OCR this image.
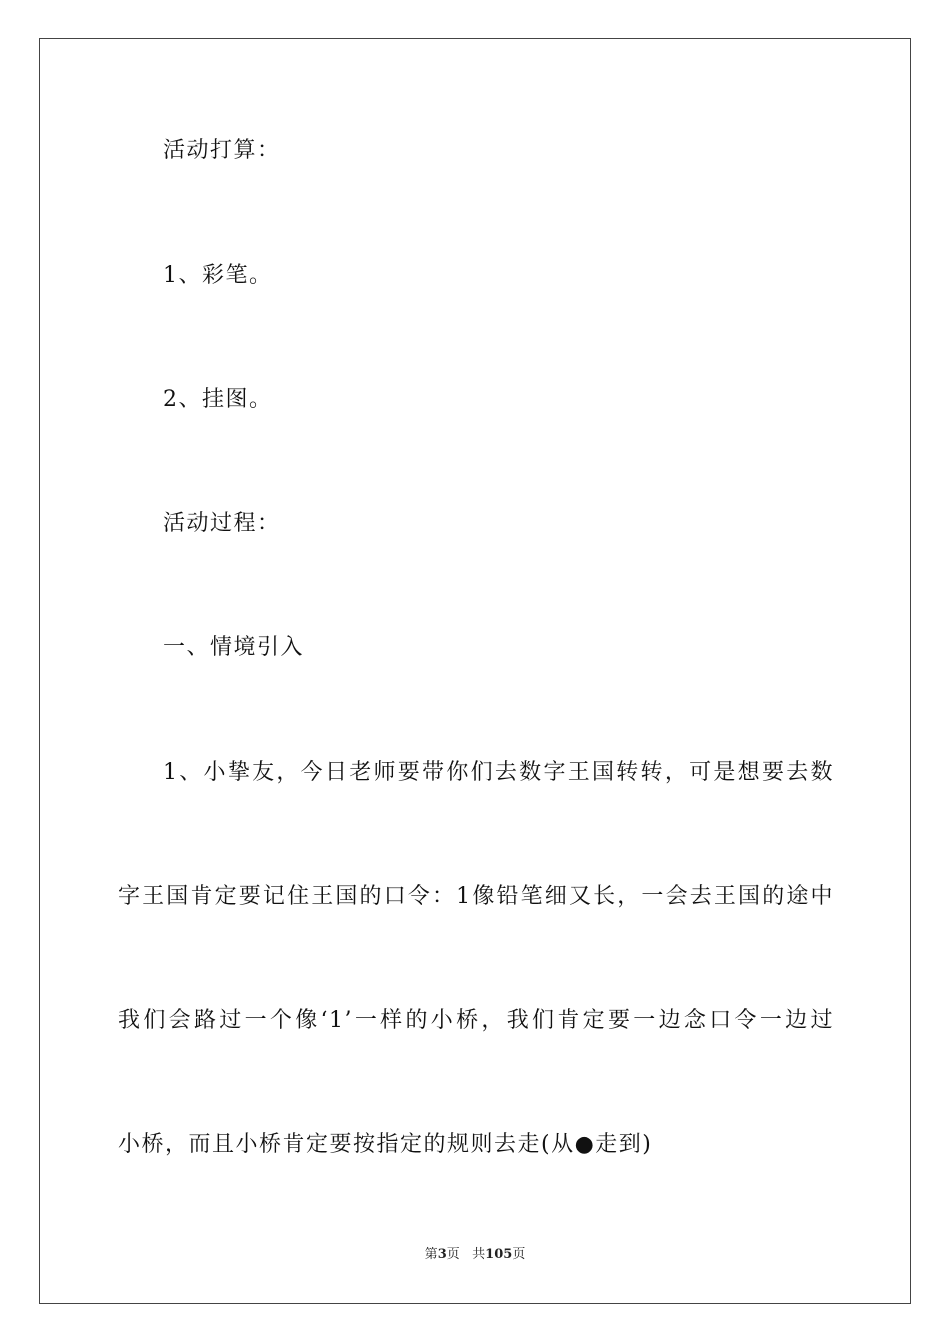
活动打算：
1、彩笔。
2、挂图。
活动过程：
一、情境引入
1、小挚友，今日老师要带你们去数字王国转转，可是想要去数
字王国肯定要记住王国的口令：1像铅笔细又长，一会去王国的途中
我们会路过一个像‘1’一样的小桥，我们肯定要一边念口令一边过
小桥，而且小桥肯定要按指定的规则去走(从●走到)
第3页 共105页
